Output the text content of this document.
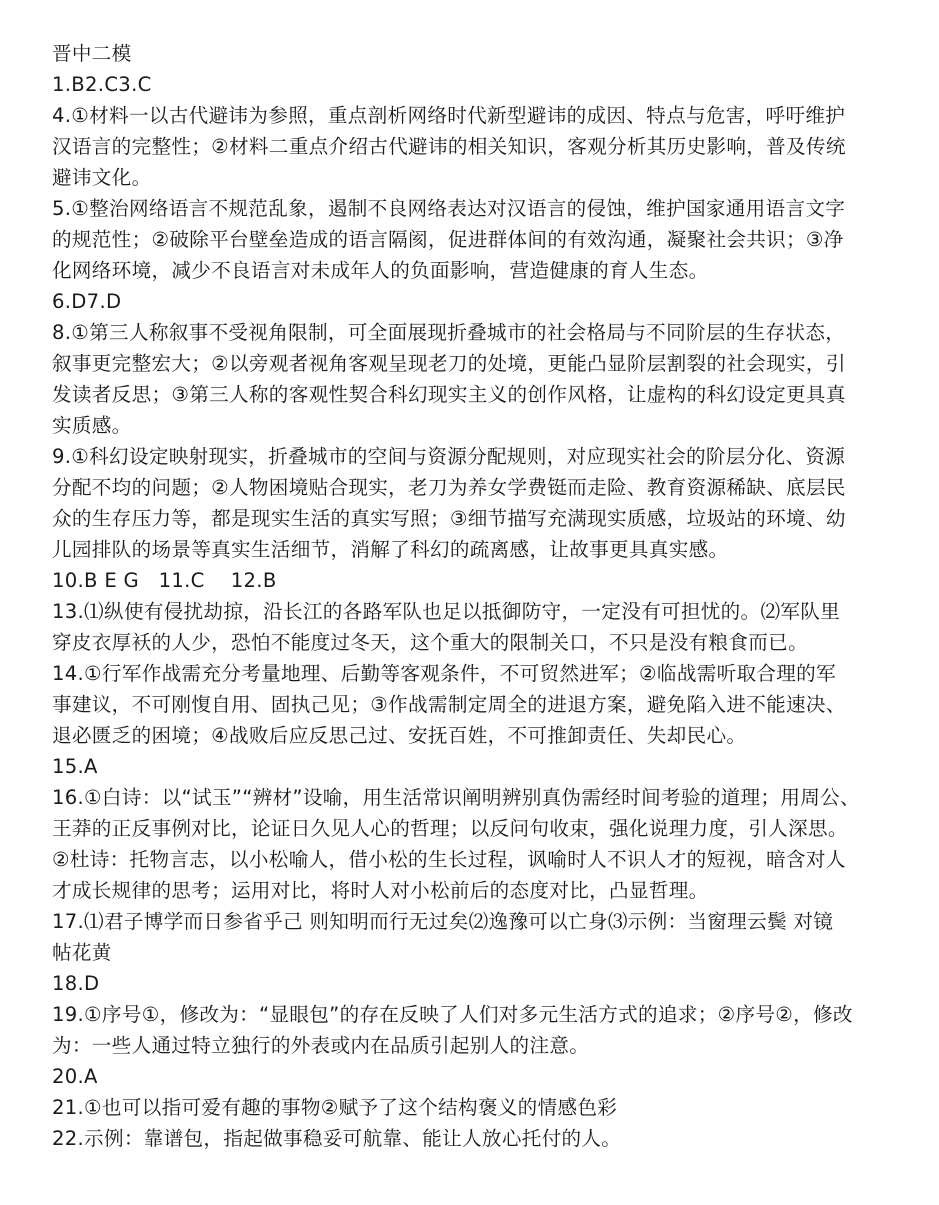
晋中二模
1.B2.C3.C
4.①材料一以古代避讳为参照，重点剖析网络时代新型避讳的成因、特点与危害，呼吁维护
汉语言的完整性；②材料二重点介绍古代避讳的相关知识，客观分析其历史影响，普及传统
避讳文化。
5.①整治网络语言不规范乱象，遏制不良网络表达对汉语言的侵蚀，维护国家通用语言文字
的规范性；②破除平台壁垒造成的语言隔阂，促进群体间的有效沟通，凝聚社会共识；③净
化网络环境，减少不良语言对未成年人的负面影响，营造健康的育人生态。
6.D7.D
8.①第三人称叙事不受视角限制，可全面展现折叠城市的社会格局与不同阶层的生存状态，
叙事更完整宏大；②以旁观者视角客观呈现老刀的处境，更能凸显阶层割裂的社会现实，引
发读者反思；③第三人称的客观性契合科幻现实主义的创作风格，让虚构的科幻设定更具真
实质感。
9.①科幻设定映射现实，折叠城市的空间与资源分配规则，对应现实社会的阶层分化、资源
分配不均的问题；②人物困境贴合现实，老刀为养女学费铤而走险、教育资源稀缺、底层民
众的生存压力等，都是现实生活的真实写照；③细节描写充满现实质感，垃圾站的环境、幼
儿园排队的场景等真实生活细节，消解了科幻的疏离感，让故事更具真实感。
10.B E G   11.C    12.B
13.⑴纵使有侵扰劫掠，沿长江的各路军队也足以抵御防守，一定没有可担忧的。⑵军队里
穿皮衣厚袄的人少，恐怕不能度过冬天，这个重大的限制关口，不只是没有粮食而已。
14.①行军作战需充分考量地理、后勤等客观条件，不可贸然进军；②临战需听取合理的军
事建议，不可刚愎自用、固执己见；③作战需制定周全的进退方案，避免陷入进不能速决、
退必匮乏的困境；④战败后应反思己过、安抚百姓，不可推卸责任、失却民心。
15.A
16.①白诗：以“试玉”“辨材”设喻，用生活常识阐明辨别真伪需经时间考验的道理；用周公、
王莽的正反事例对比，论证日久见人心的哲理；以反问句收束，强化说理力度，引人深思。
②杜诗：托物言志，以小松喻人，借小松的生长过程，讽喻时人不识人才的短视，暗含对人
才成长规律的思考；运用对比，将时人对小松前后的态度对比，凸显哲理。
17.⑴君子博学而日参省乎己 则知明而行无过矣⑵逸豫可以亡身⑶示例：当窗理云鬓 对镜
帖花黄
18.D
19.①序号①，修改为：“显眼包”的存在反映了人们对多元生活方式的追求；②序号②，修改
为：一些人通过特立独行的外表或内在品质引起别人的注意。
20.A
21.①也可以指可爱有趣的事物②赋予了这个结构褒义的情感色彩
22.示例：靠谱包，指起做事稳妥可航靠、能让人放心托付的人。
